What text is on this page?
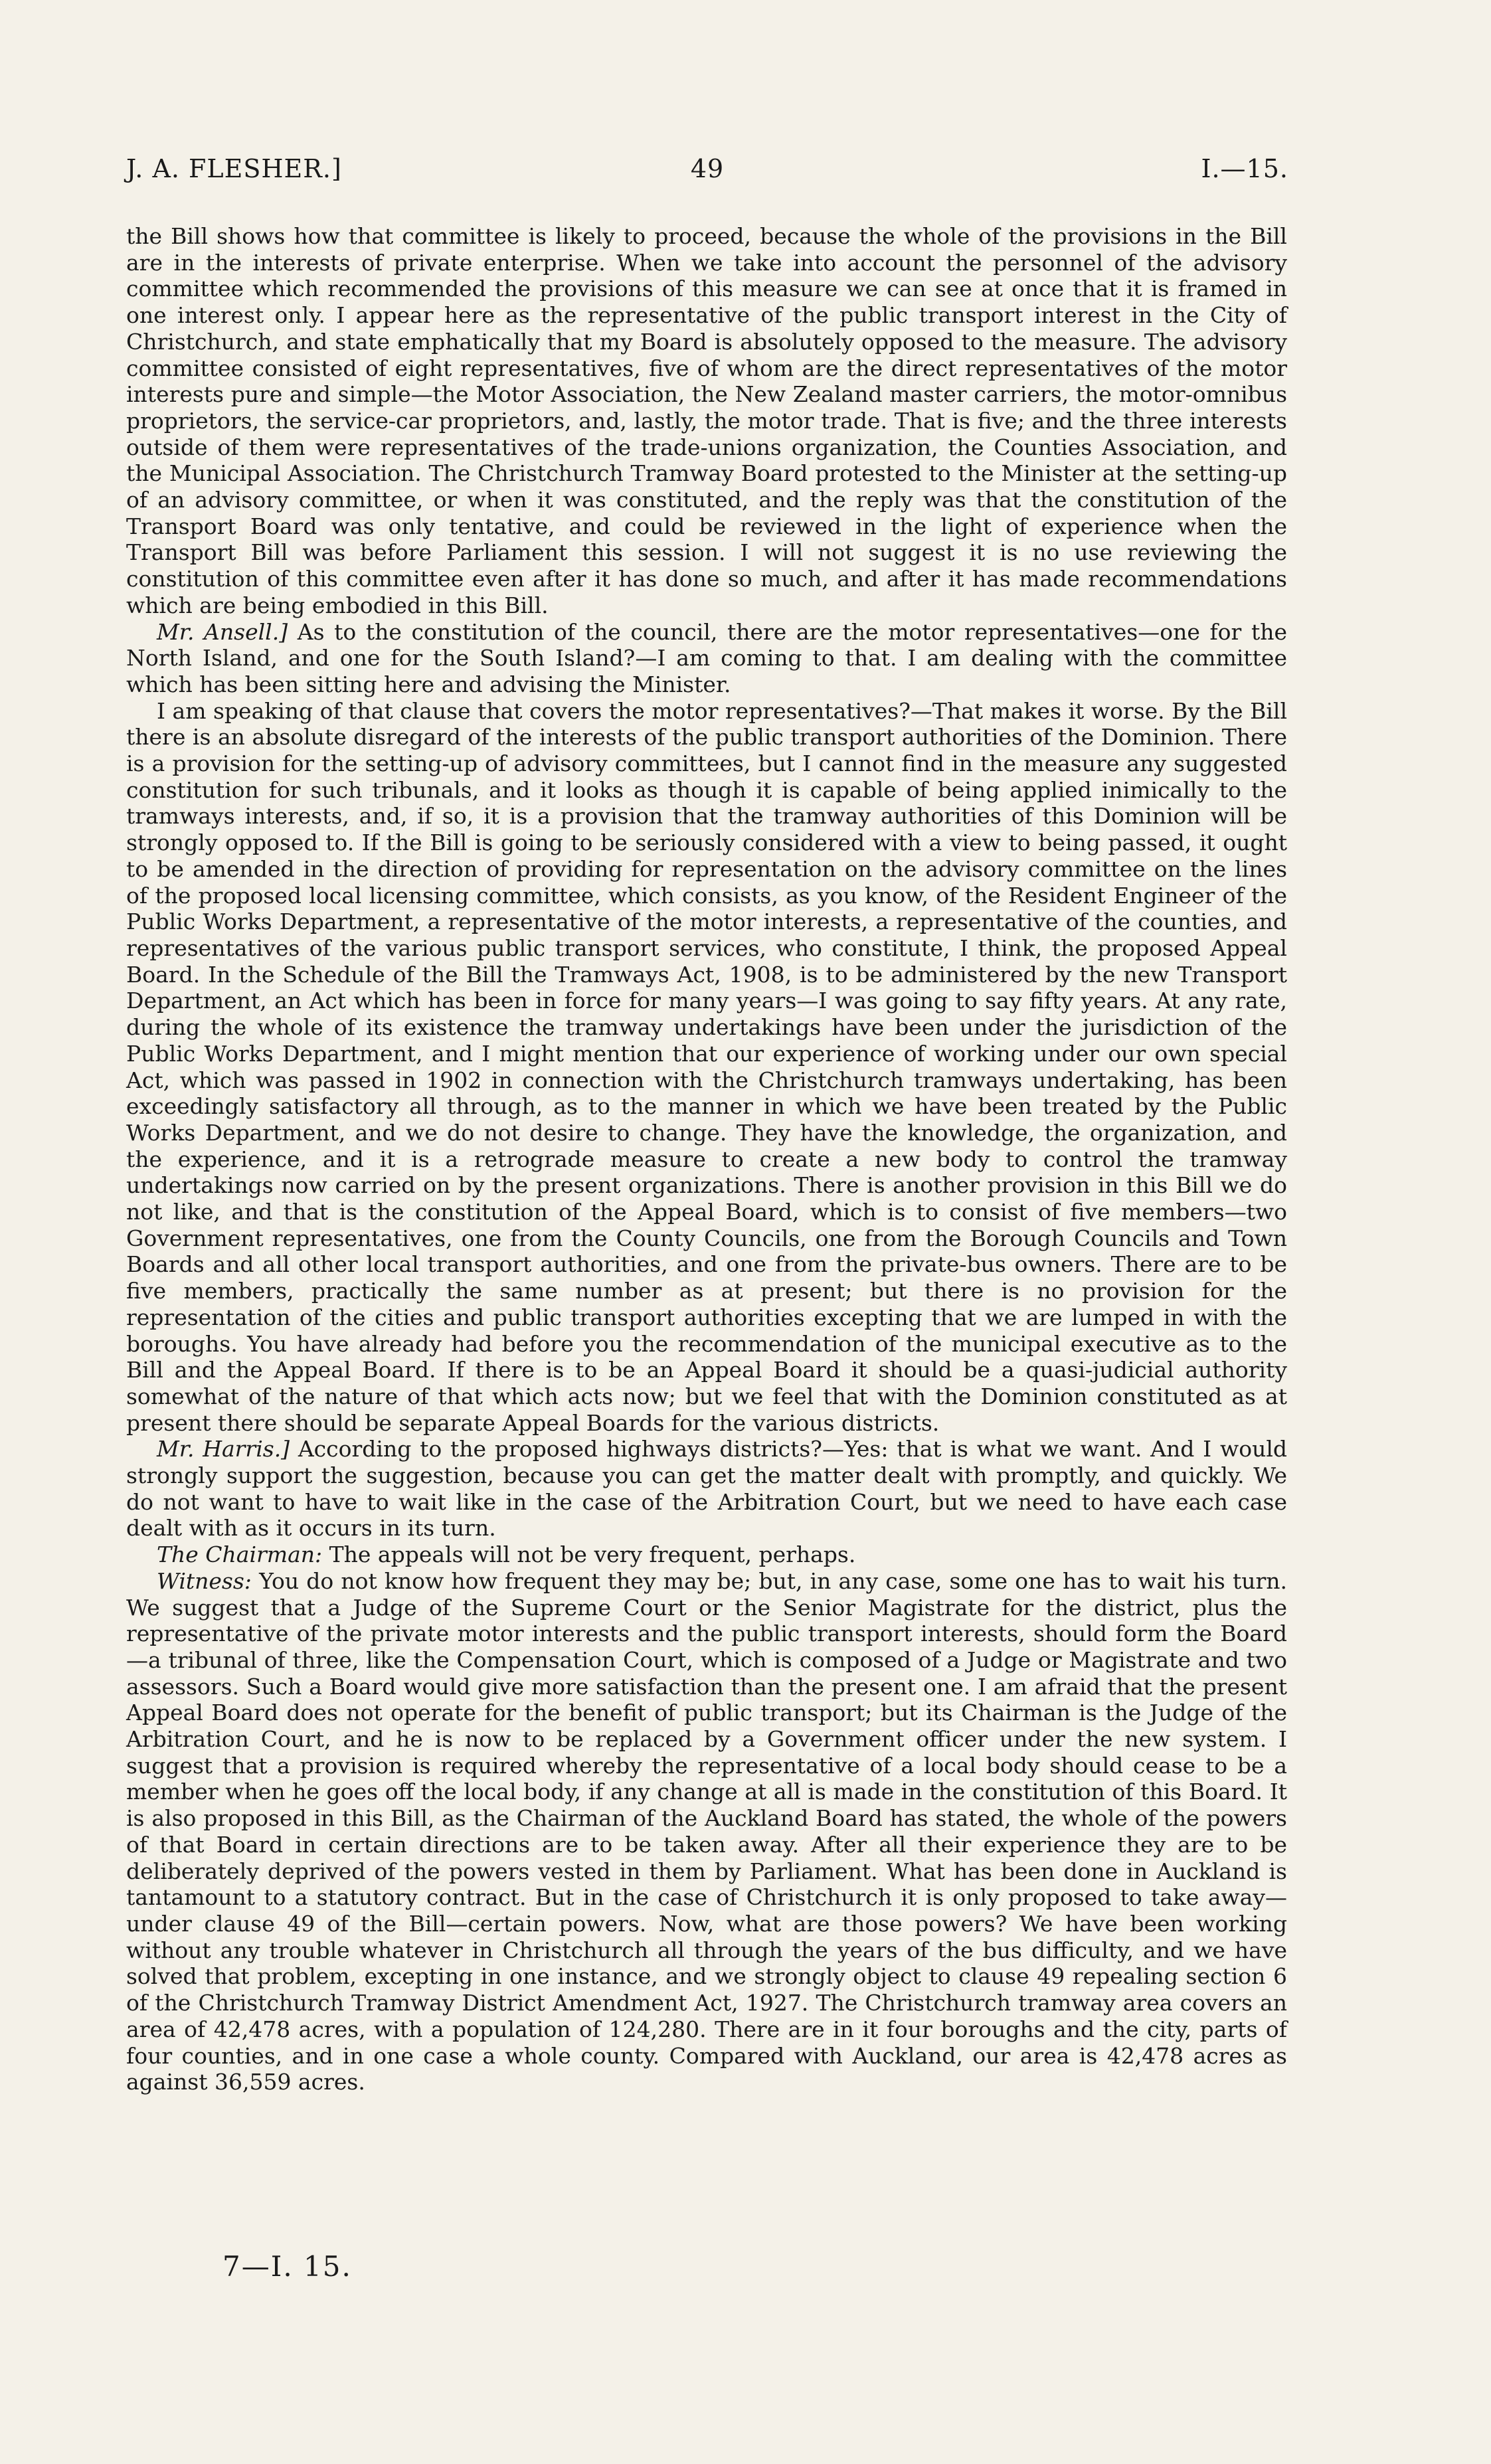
J. A. FLESHER.]	49	I.—15.

the Bill shows how that committee is likely to proceed, because the whole of the provisions in the Bill are in the interests of private enterprise. When we take into account the personnel of the advisory committee which recommended the provisions of this measure we can see at once that it is framed in one interest only. I appear here as the representative of the public transport interest in the City of Christchurch, and state emphatically that my Board is absolutely opposed to the measure. The advisory committee consisted of eight representatives, five of whom are the direct representatives of the motor interests pure and simple—the Motor Association, the New Zealand master carriers, the motor-omnibus proprietors, the service-car proprietors, and, lastly, the motor trade. That is five; and the three interests outside of them were representatives of the trade-unions organization, the Counties Association, and the Municipal Association. The Christchurch Tramway Board protested to the Minister at the setting-up of an advisory committee, or when it was constituted, and the reply was that the constitution of the Transport Board was only tentative, and could be reviewed in the light of experience when the Transport Bill was before Parliament this session. I will not suggest it is no use reviewing the constitution of this committee even after it has done so much, and after it has made recommendations which are being embodied in this Bill.

Mr. Ansell.] As to the constitution of the council, there are the motor representatives—one for the North Island, and one for the South Island?—I am coming to that. I am dealing with the committee which has been sitting here and advising the Minister.

I am speaking of that clause that covers the motor representatives?—That makes it worse. By the Bill there is an absolute disregard of the interests of the public transport authorities of the Dominion. There is a provision for the setting-up of advisory committees, but I cannot find in the measure any suggested constitution for such tribunals, and it looks as though it is capable of being applied inimically to the tramways interests, and, if so, it is a provision that the tramway authorities of this Dominion will be strongly opposed to. If the Bill is going to be seriously considered with a view to being passed, it ought to be amended in the direction of providing for representation on the advisory committee on the lines of the proposed local licensing committee, which consists, as you know, of the Resident Engineer of the Public Works Department, a representative of the motor interests, a representative of the counties, and representatives of the various public transport services, who constitute, I think, the proposed Appeal Board. In the Schedule of the Bill the Tramways Act, 1908, is to be administered by the new Transport Department, an Act which has been in force for many years—I was going to say fifty years. At any rate, during the whole of its existence the tramway undertakings have been under the jurisdiction of the Public Works Department, and I might mention that our experience of working under our own special Act, which was passed in 1902 in connection with the Christchurch tramways undertaking, has been exceedingly satisfactory all through, as to the manner in which we have been treated by the Public Works Department, and we do not desire to change. They have the knowledge, the organization, and the experience, and it is a retrograde measure to create a new body to control the tramway undertakings now carried on by the present organizations. There is another provision in this Bill we do not like, and that is the constitution of the Appeal Board, which is to consist of five members—two Government representatives, one from the County Councils, one from the Borough Councils and Town Boards and all other local transport authorities, and one from the private-bus owners. There are to be five members, practically the same number as at present; but there is no provision for the representation of the cities and public transport authorities excepting that we are lumped in with the boroughs. You have already had before you the recommendation of the municipal executive as to the Bill and the Appeal Board. If there is to be an Appeal Board it should be a quasi-judicial authority somewhat of the nature of that which acts now; but we feel that with the Dominion constituted as at present there should be separate Appeal Boards for the various districts.

Mr. Harris.] According to the proposed highways districts?—Yes: that is what we want. And I would strongly support the suggestion, because you can get the matter dealt with promptly, and quickly. We do not want to have to wait like in the case of the Arbitration Court, but we need to have each case dealt with as it occurs in its turn.

The Chairman: The appeals will not be very frequent, perhaps.

Witness: You do not know how frequent they may be; but, in any case, some one has to wait his turn. We suggest that a Judge of the Supreme Court or the Senior Magistrate for the district, plus the representative of the private motor interests and the public transport interests, should form the Board—a tribunal of three, like the Compensation Court, which is composed of a Judge or Magistrate and two assessors. Such a Board would give more satisfaction than the present one. I am afraid that the present Appeal Board does not operate for the benefit of public transport; but its Chairman is the Judge of the Arbitration Court, and he is now to be replaced by a Government officer under the new system. I suggest that a provision is required whereby the representative of a local body should cease to be a member when he goes off the local body, if any change at all is made in the constitution of this Board. It is also proposed in this Bill, as the Chairman of the Auckland Board has stated, the whole of the powers of that Board in certain directions are to be taken away. After all their experience they are to be deliberately deprived of the powers vested in them by Parliament. What has been done in Auckland is tantamount to a statutory contract. But in the case of Christchurch it is only proposed to take away—under clause 49 of the Bill—certain powers. Now, what are those powers? We have been working without any trouble whatever in Christchurch all through the years of the bus difficulty, and we have solved that problem, excepting in one instance, and we strongly object to clause 49 repealing section 6 of the Christchurch Tramway District Amendment Act, 1927. The Christchurch tramway area covers an area of 42,478 acres, with a population of 124,280. There are in it four boroughs and the city, parts of four counties, and in one case a whole county. Compared with Auckland, our area is 42,478 acres as against 36,559 acres.

7—I. 15.
